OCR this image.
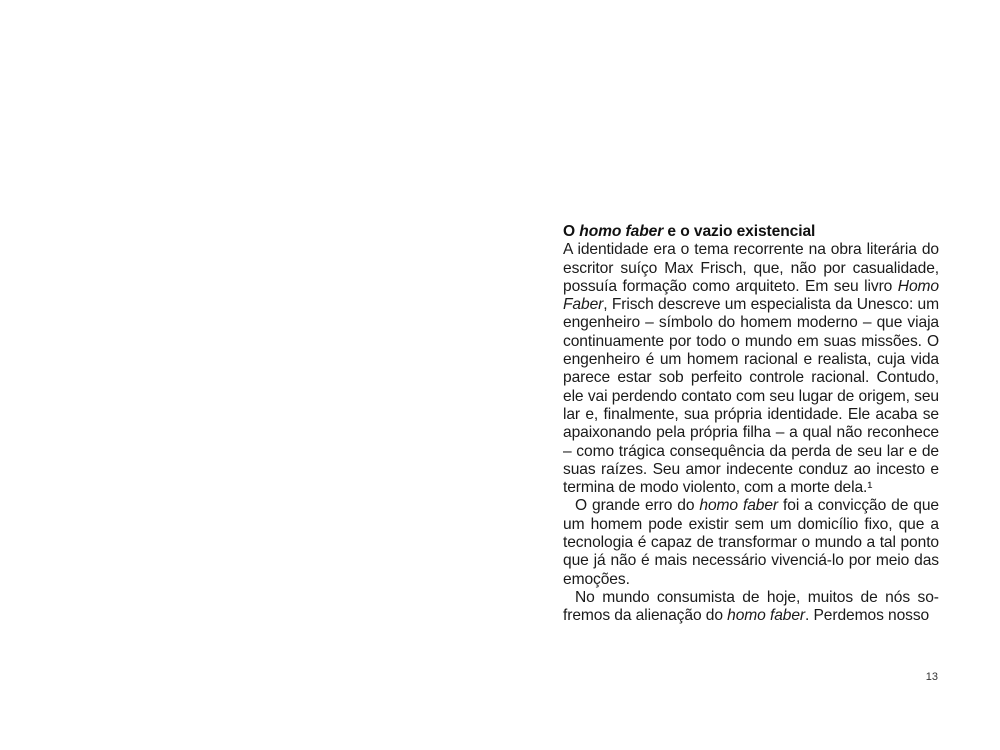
O homo faber e o vazio existencial

A identidade era o tema recorrente na obra literária do escritor suíço Max Frisch, que, não por casualidade, possuía formação como arquiteto. Em seu livro Homo Faber, Frisch descreve um especialista da Unesco: um engenheiro – símbolo do homem moderno – que viaja continuamente por todo o mundo em suas missões. O engenheiro é um homem racional e realista, cuja vida parece estar sob perfeito controle racional. Contudo, ele vai perdendo contato com seu lugar de origem, seu lar e, finalmente, sua própria identidade. Ele acaba se apaixonando pela própria filha – a qual não reconhece – como trágica consequência da perda de seu lar e de suas raízes. Seu amor indecente conduz ao incesto e termina de modo violento, com a morte dela.¹

O grande erro do homo faber foi a convicção de que um homem pode existir sem um domicílio fixo, que a tecnologia é capaz de transformar o mundo a tal ponto que já não é mais necessário vivenciá-lo por meio das emoções.

No mundo consumista de hoje, muitos de nós sofremos da alienação do homo faber. Perdemos nosso

13
